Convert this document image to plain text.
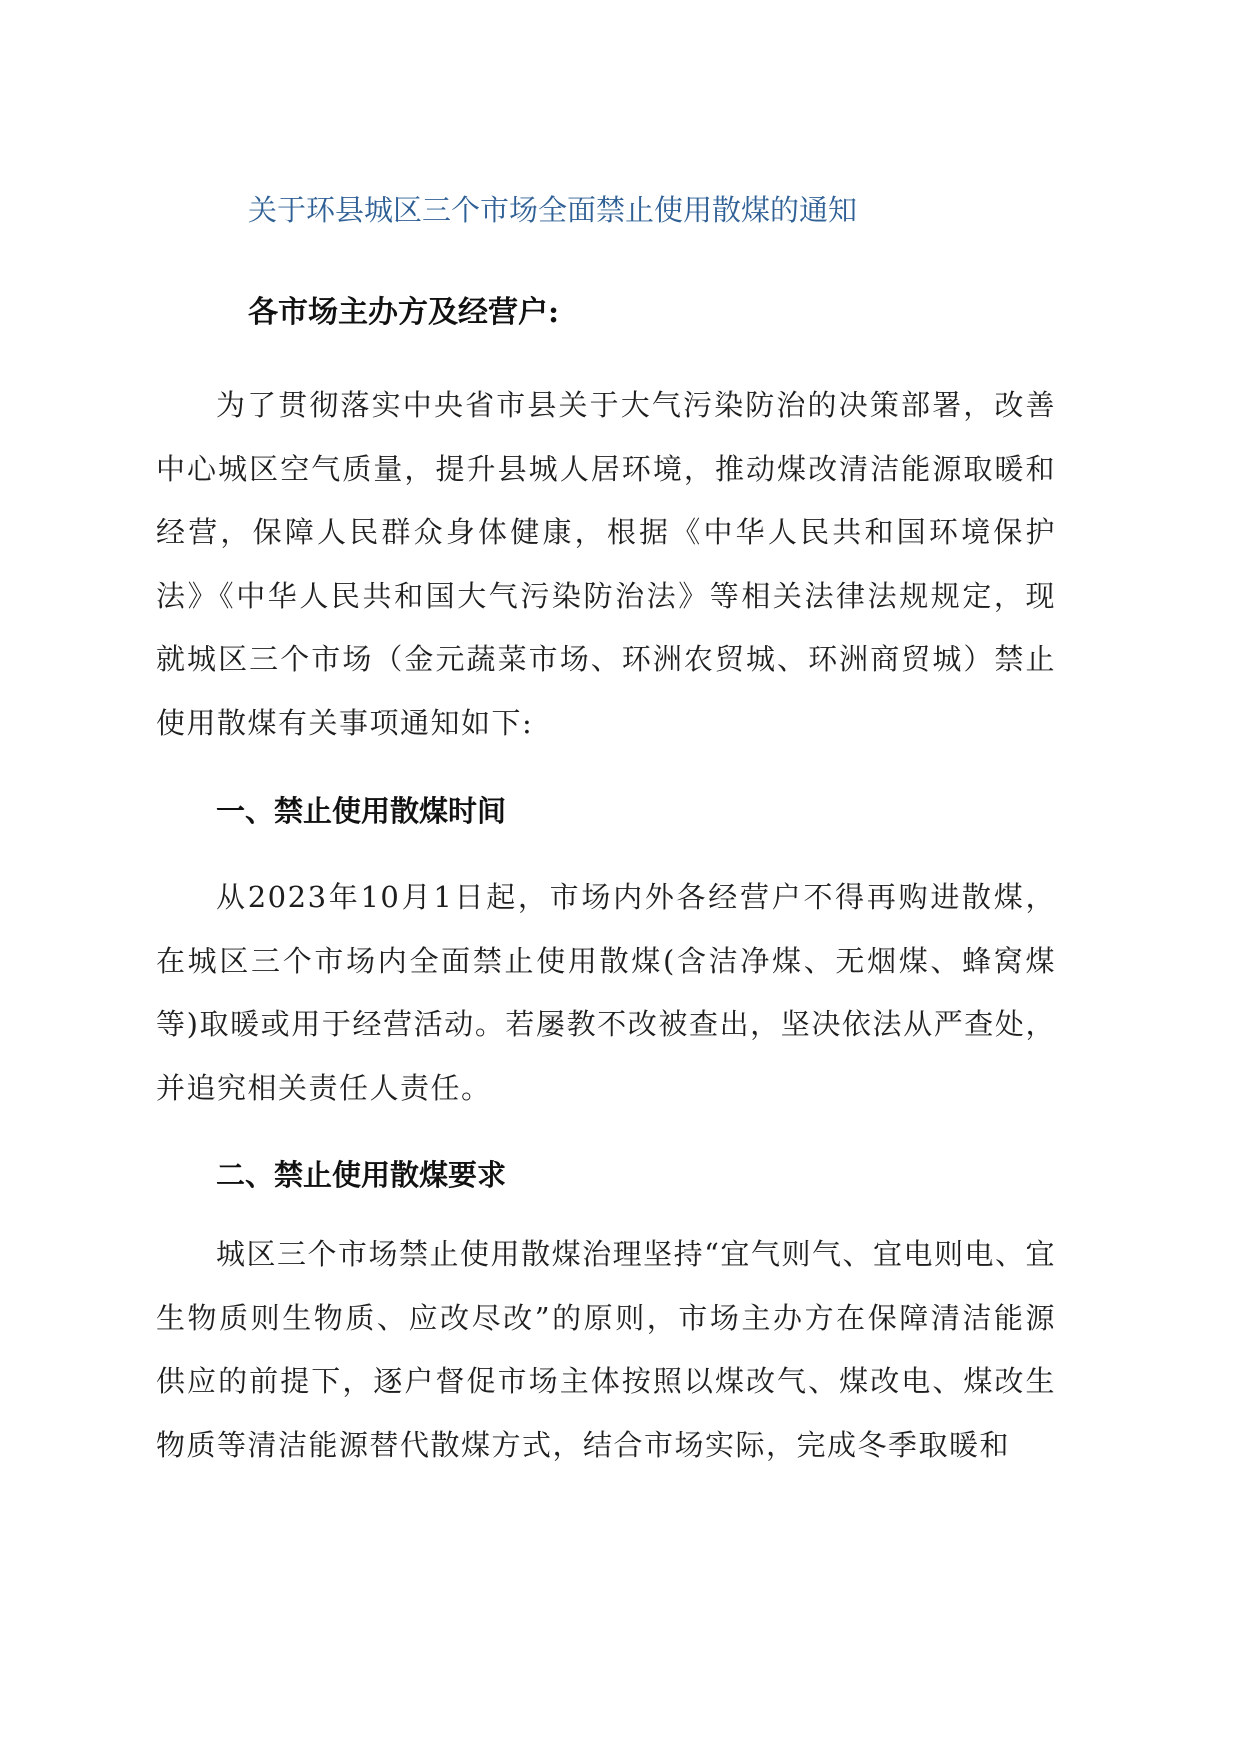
关于环县城区三个市场全面禁止使用散煤的通知

各市场主办方及经营户:

为了贯彻落实中央省市县关于大气污染防治的决策部署，改善中心城区空气质量，提升县城人居环境，推动煤改清洁能源取暖和经营，保障人民群众身体健康，根据《中华人民共和国环境保护法》《中华人民共和国大气污染防治法》等相关法律法规规定，现就城区三个市场（金元蔬菜市场、环洲农贸城、环洲商贸城）禁止使用散煤有关事项通知如下:

一、禁止使用散煤时间

从2023年10月1日起，市场内外各经营户不得再购进散煤，在城区三个市场内全面禁止使用散煤(含洁净煤、无烟煤、蜂窝煤等)取暖或用于经营活动。若屡教不改被查出，坚决依法从严查处，并追究相关责任人责任。

二、禁止使用散煤要求

城区三个市场禁止使用散煤治理坚持“宜气则气、宜电则电、宜生物质则生物质、应改尽改”的原则，市场主办方在保障清洁能源供应的前提下，逐户督促市场主体按照以煤改气、煤改电、煤改生物质等清洁能源替代散煤方式，结合市场实际，完成冬季取暖和
